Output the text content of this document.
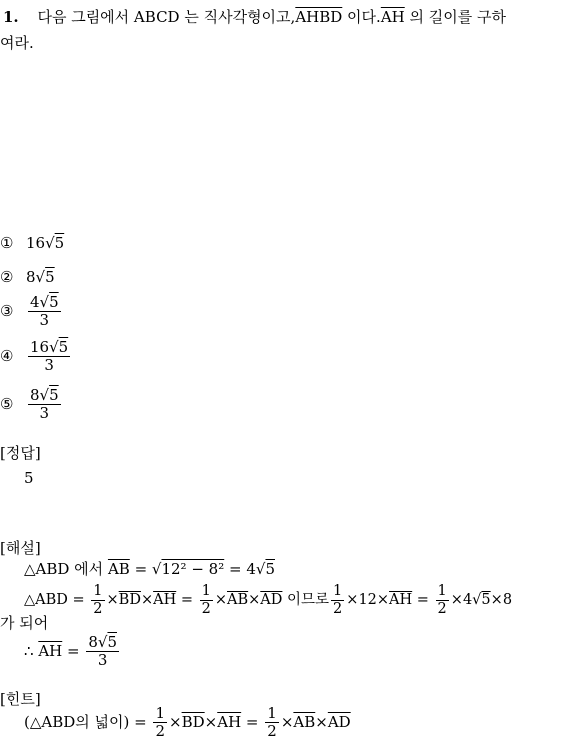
1. 다음 그림에서 ABCD 는 직사각형이고,AHBD 이다$.\overline{AH}$ 의 길이를 구하
여라.
① 16√5
② 8√5
③ $\frac{4√5}{3}$
④ $\frac{16√5}{3}$
⑤ $\frac{8√5}{3}$
[정답]
5
[해설]
△ABD 에서 $\overline{AB} = √12^2 - 8^2 = 4√5$
△ABD = $\frac{1}{2} \times\overline{BD}\times\overline{AH} = \frac{1}{2} \times\overline{AB}\times\overline{AD}$ 이므로 $\frac{1}{2} \times 12\times\overline{AH} = \frac{1}{2} \times 4√5\times 8$
가 되어
∴ $\overline{AH} = \frac{8√5}{3}$
[힌트]
(△ABD의 넓이) = $\frac{1}{2} \times\overline{BD}\times\overline{AH} = \frac{1}{2} \times\overline{AB}\times\overline{AD}$
